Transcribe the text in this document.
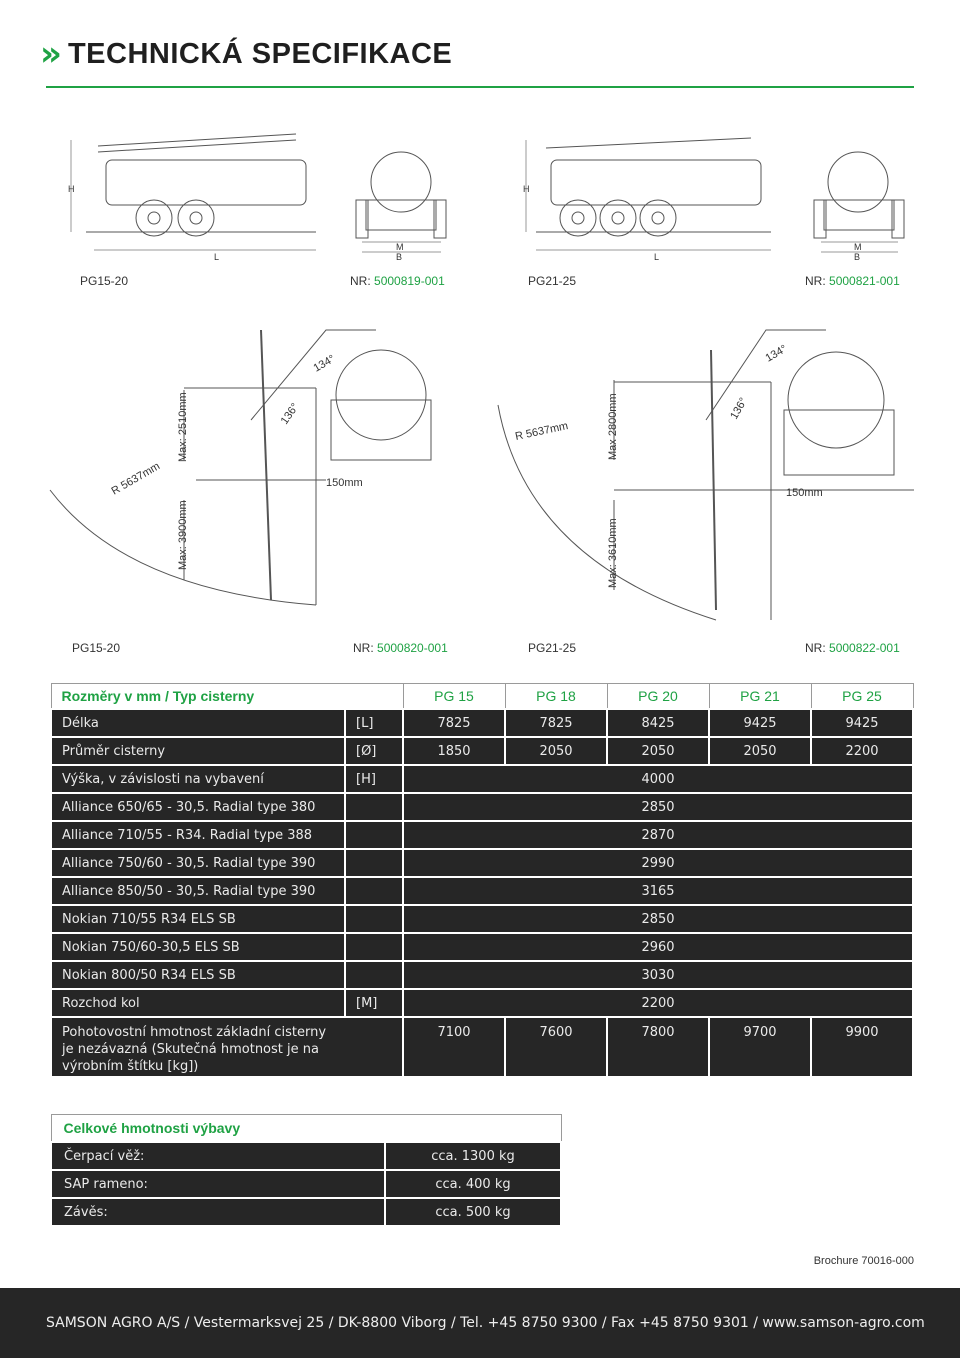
» TECHNICKÁ SPECIFIKACE
H
L
M
B
H
L
M
B
Max: 2510mm
Max: 3900mm
R 5637mm
136°
134°
150mm
Max 2800mm
Max: 3610mm
R 5637mm
136°
134°
150mm
PG15-20	NR: 5000819-001	PG21-25	NR: 5000821-001
PG15-20	NR: 5000820-001	PG21-25	NR: 5000822-001
Rozměry v mm / Typ cisterny		PG 15	PG 18	PG 20	PG 21	PG 25
Délka	[L]	7825	7825	8425	9425	9425
Průměr cisterny	[Ø]	1850	2050	2050	2050	2200
Výška, v závislosti na vybavení	[H]	4000				
Alliance 650/65 - 30,5. Radial type 380		2850				
Alliance 710/55 - R34. Radial type 388		2870				
Alliance 750/60 - 30,5. Radial type 390		2990				
Alliance 850/50 - 30,5. Radial type 390		3165				
Nokian 710/55 R34 ELS SB		2850				
Nokian 750/60-30,5 ELS SB		2960				
Nokian 800/50 R34 ELS SB		3030				
Rozchod kol	[M]	2200				

Pohotovostní hmotnost základní cisterny
je nezávazná (Skutečná hmotnost je na
výrobním štítku [kg])		7100	7600	7800	9700	9900
Celkové hmotnosti výbavy	
Čerpací věž:	cca. 1300 kg
SAP rameno:	cca. 400 kg
Závěs:	cca. 500 kg
Brochure 70016-000
SAMSON AGRO A/S / Vestermarksvej 25 / DK-8800 Viborg / Tel. +45 8750 9300 / Fax +45 8750 9301 / www.samson-agro.com
